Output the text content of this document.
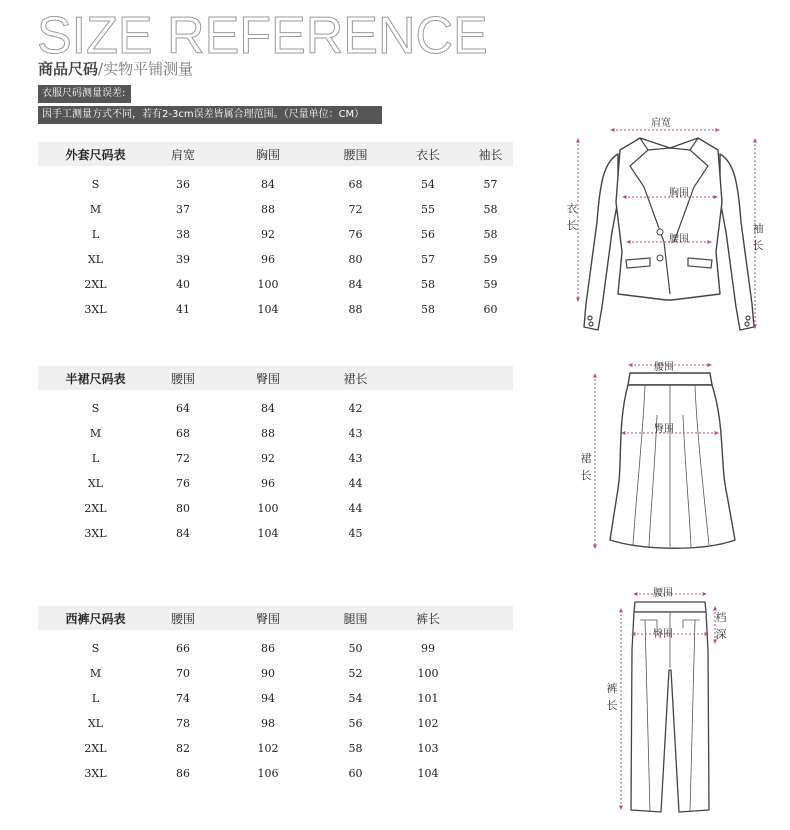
SIZE REFERENCE
商品尺码/实物平铺测量
衣服尺码测量误差:
因手工测量方式不同，若有2-3cm误差皆属合理范围。（尺量单位：CM）
外套尺码表	肩宽	胸围	腰围	衣长	袖长

S	36	84	68	54	57
M	37	88	72	55	58
L	38	92	76	56	58
XL	39	96	80	57	59
2XL	40	100	84	58	59
3XL	41	104	88	58	60
半裙尺码表	腰围	臀围	裙长		

S	64	84	42		
M	68	88	43		
L	72	92	43		
XL	76	96	44		
2XL	80	100	44		
3XL	84	104	45		
西裤尺码表	腰围	臀围	腿围	裤长	

S	66	86	50	99	
M	70	90	52	100	
L	74	94	54	101	
XL	78	98	56	102	
2XL	82	102	58	103	
3XL	86	106	60	104	
肩宽
胸围
腰围
衣
长	袖
长
腰围
臀围
裙
长
腰围
臀围
档
深
裤
长
